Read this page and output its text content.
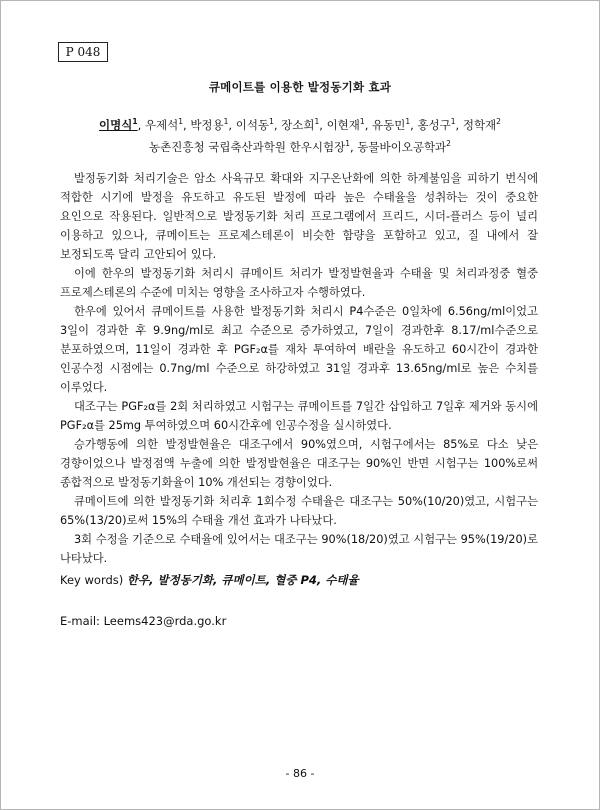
P 048
큐메이트를 이용한 발정동기화 효과
이명식$^1$, 우제석$^1$, 박정용$^1$, 이석동$^1$, 장소희$^1$, 이현재$^1$, 유동민$^1$, 홍성구$^1$, 정학재$^2$
농촌진흥청 국립축산과학원 한우시험장$^1$, 동물바이오공학과$^2$

발정동기화 처리기술은 암소 사육규모 확대와 지구온난화에 의한 하계불임을 피하기 번식에 적합한 시기에 발정을 유도하고 유도된 발정에 따라 높은 수태율을 성취하는 것이 중요한 요인으로 작용된다. 일반적으로 발정동기화 처리 프로그램에서 프리드, 시더-플러스 등이 널리 이용하고 있으나, 큐메이트는 프로제스테론이 비슷한 함량을 포함하고 있고, 질 내에서 잘 보정되도록 달리 고안되어 있다.

이에 한우의 발정동기화 처리시 큐메이트 처리가 발정발현율과 수태율 및 처리과정중 혈중 프로제스테론의 수준에 미치는 영향을 조사하고자 수행하였다.

한우에 있어서 큐메이트를 사용한 발정동기화 처리시 P4수준은 0일차에 6.56ng/ml이었고 3일이 경과한 후 9.9ng/ml로 최고 수준으로 증가하였고, 7일이 경과한후 8.17/ml수준으로 분포하였으며, 11일이 경과한 후 PGF₂α를 재차 투여하여 배란을 유도하고 60시간이 경과한 인공수정 시점에는 0.7ng/ml 수준으로 하강하였고 31일 경과후 13.65ng/ml로 높은 수치를 이루었다.

대조구는 PGF₂α를 2회 처리하였고 시험구는 큐메이트를 7일간 삽입하고 7일후 제거와 동시에 PGF₂α를 25mg 투여하였으며 60시간후에 인공수정을 실시하였다.

승가행동에 의한 발정발현율은 대조구에서 90%였으며, 시험구에서는 85%로 다소 낮은 경향이었으나 발정점액 누출에 의한 발정발현율은 대조구는 90%인 반면 시험구는 100%로써 종합적으로 발정동기화율이 10% 개선되는 경향이었다.

큐메이트에 의한 발정동기화 처리후 1회수정 수태율은 대조구는 50%(10/20)였고, 시험구는 65%(13/20)로써 15%의 수태율 개선 효과가 나타났다.

3회 수정을 기준으로 수태율에 있어서는 대조구는 90%(18/20)였고 시험구는 95%(19/20)로 나타났다.

Key words) 한우, 발정동기화, 큐메이트, 혈중 P4, 수태율
E-mail: Leems423@rda.go.kr
- 86 -
